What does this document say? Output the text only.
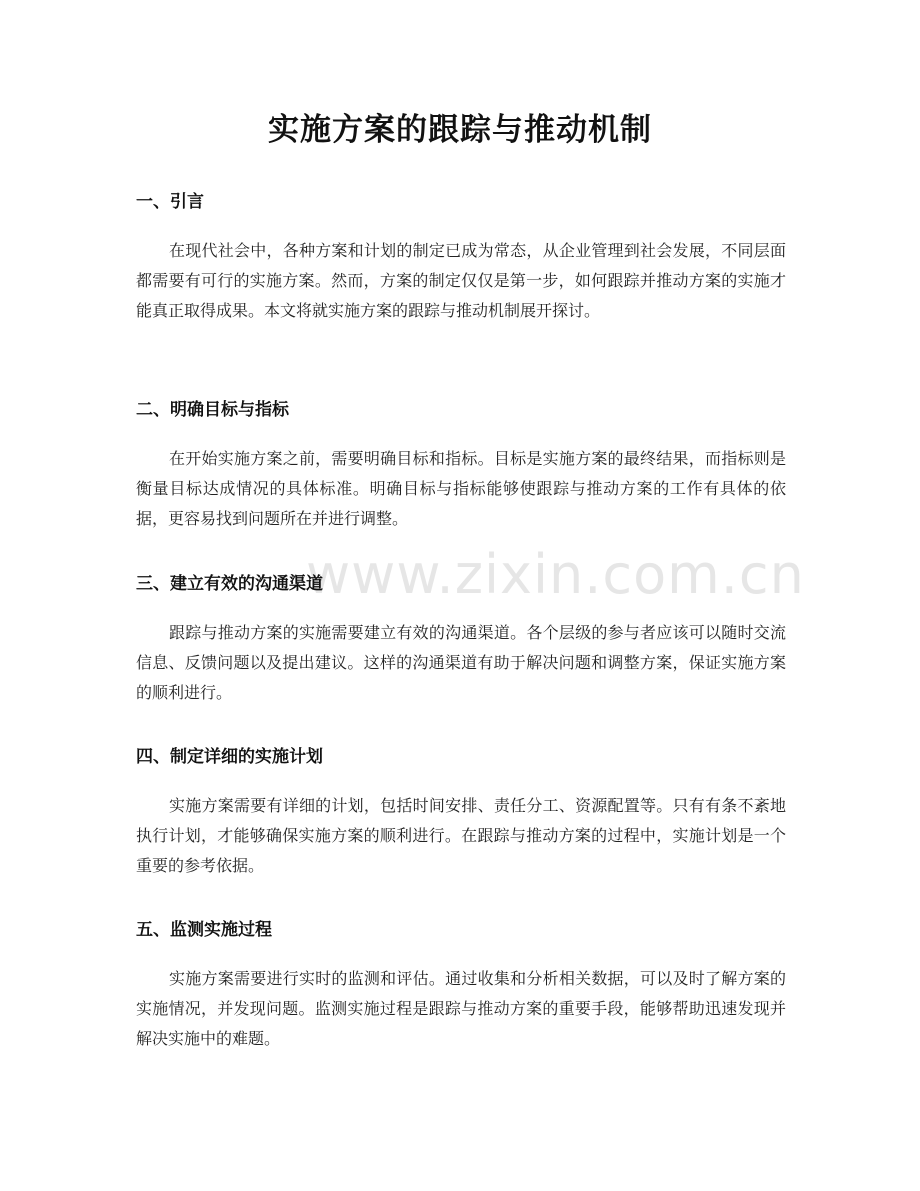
www.zixin.com.cn
实施方案的跟踪与推动机制
一、引言

在现代社会中，各种方案和计划的制定已成为常态，从企业管理到社会发展，不同层面都需要有可行的实施方案。然而，方案的制定仅仅是第一步，如何跟踪并推动方案的实施才能真正取得成果。本文将就实施方案的跟踪与推动机制展开探讨。

二、明确目标与指标

在开始实施方案之前，需要明确目标和指标。目标是实施方案的最终结果，而指标则是衡量目标达成情况的具体标准。明确目标与指标能够使跟踪与推动方案的工作有具体的依据，更容易找到问题所在并进行调整。

三、建立有效的沟通渠道

跟踪与推动方案的实施需要建立有效的沟通渠道。各个层级的参与者应该可以随时交流信息、反馈问题以及提出建议。这样的沟通渠道有助于解决问题和调整方案，保证实施方案的顺利进行。

四、制定详细的实施计划

实施方案需要有详细的计划，包括时间安排、责任分工、资源配置等。只有有条不紊地执行计划，才能够确保实施方案的顺利进行。在跟踪与推动方案的过程中，实施计划是一个重要的参考依据。

五、监测实施过程

实施方案需要进行实时的监测和评估。通过收集和分析相关数据，可以及时了解方案的实施情况，并发现问题。监测实施过程是跟踪与推动方案的重要手段，能够帮助迅速发现并解决实施中的难题。
